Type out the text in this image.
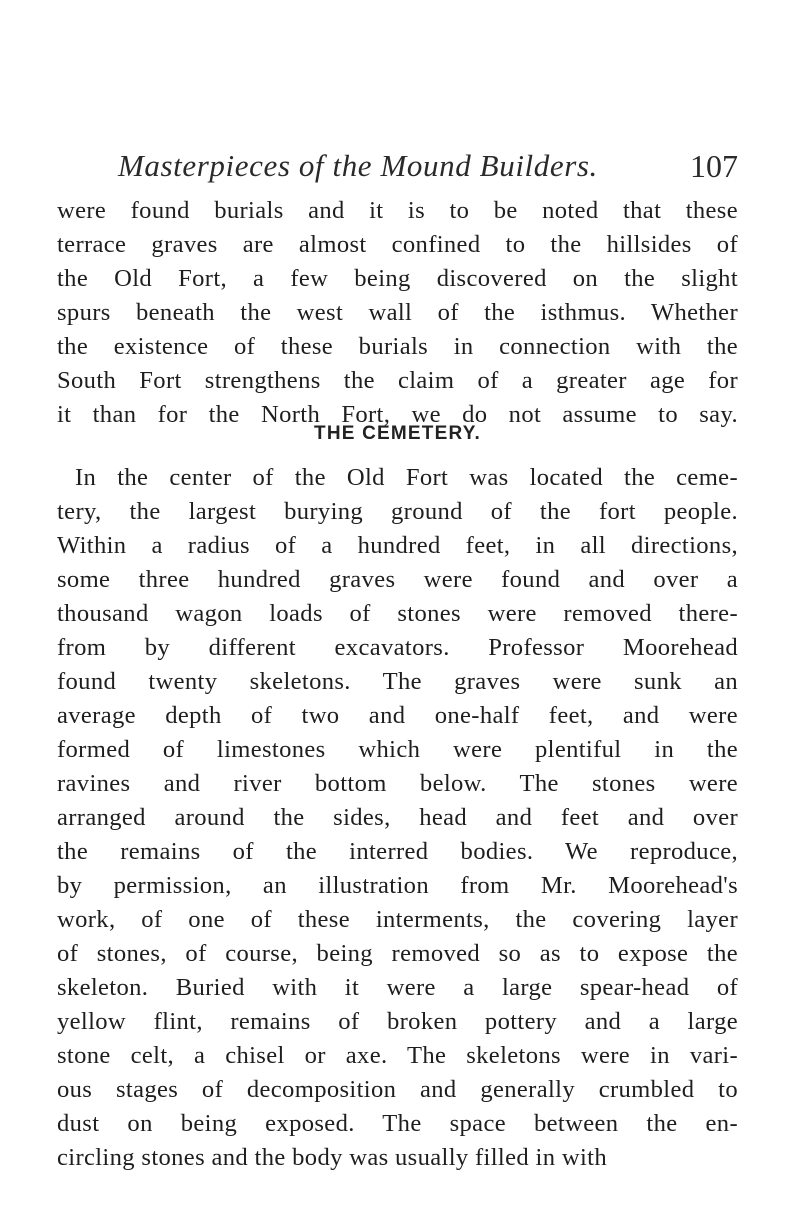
Masterpieces of the Mound Builders.	107
were found burials and it is to be noted that these
terrace graves are almost confined to the hillsides of
the Old Fort, a few being discovered on the slight
spurs beneath the west wall of the isthmus. Whether
the existence of these burials in connection with the
South Fort strengthens the claim of a greater age for
it than for the North Fort, we do not assume to say.
THE CEMETERY.
In the center of the Old Fort was located the ceme-
tery, the largest burying ground of the fort people.
Within a radius of a hundred feet, in all directions,
some three hundred graves were found and over a
thousand wagon loads of stones were removed there-
from by different excavators. Professor Moorehead
found twenty skeletons. The graves were sunk an
average depth of two and one-half feet, and were
formed of limestones which were plentiful in the
ravines and river bottom below. The stones were
arranged around the sides, head and feet and over
the remains of the interred bodies. We reproduce,
by permission, an illustration from Mr. Moorehead's
work, of one of these interments, the covering layer
of stones, of course, being removed so as to expose the
skeleton. Buried with it were a large spear-head of
yellow flint, remains of broken pottery and a large
stone celt, a chisel or axe. The skeletons were in vari-
ous stages of decomposition and generally crumbled to
dust on being exposed. The space between the en-
circling stones and the body was usually filled in with
